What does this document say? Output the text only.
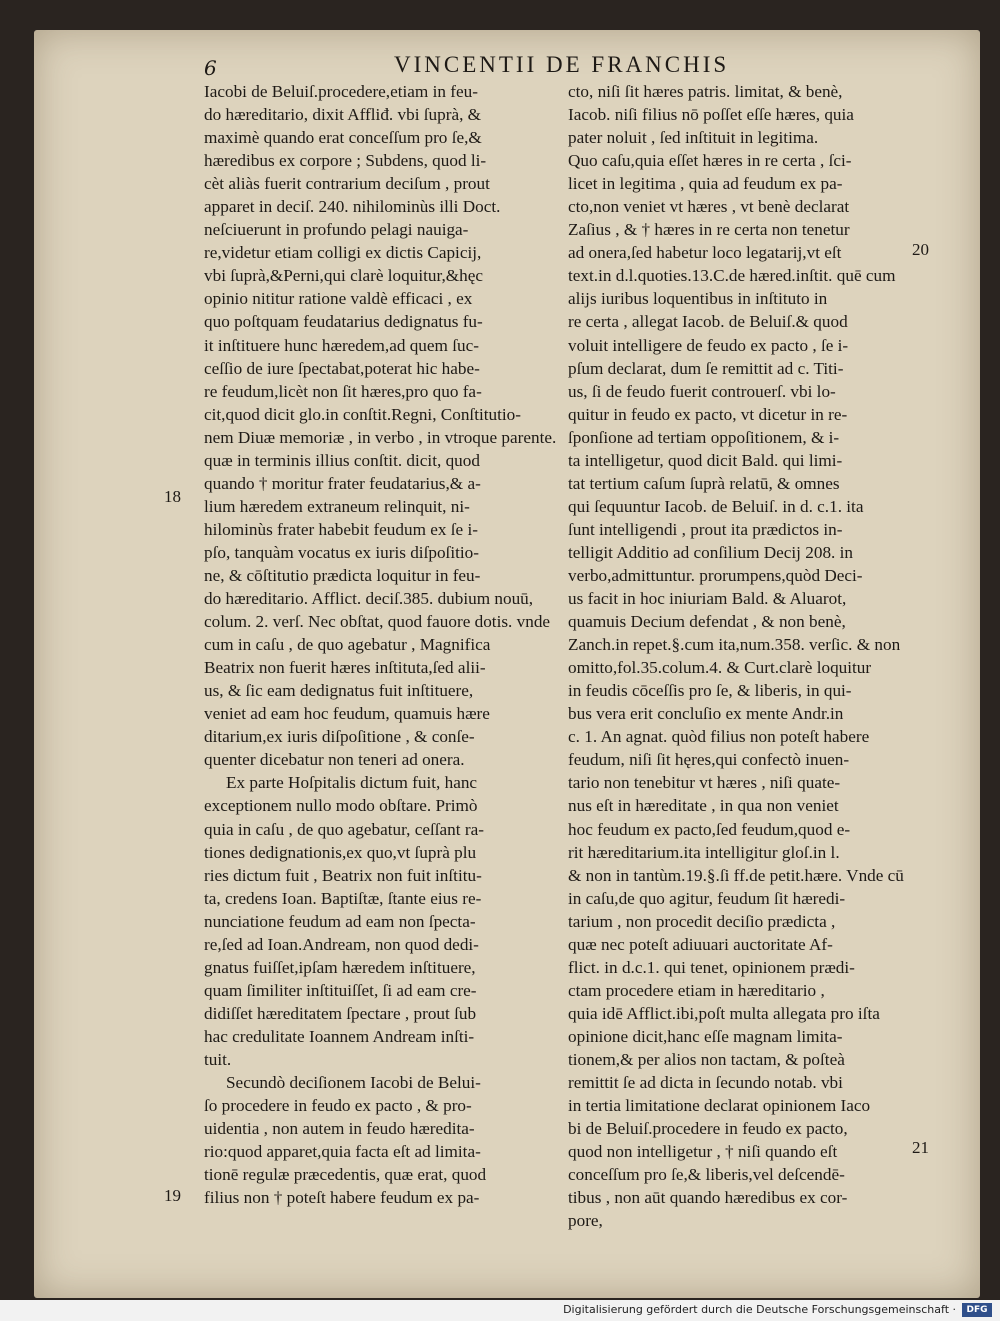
6	VINCENTII DE FRANCHIS
Iacobi de Beluiſ.procedere,etiam in feu-
do hæreditario, dixit Affliđ. vbi ſuprà, &
maximè quando erat conceſſum pro ſe,&
hæredibus ex corpore ; Subdens, quod li-
cèt aliàs fuerit contrarium deciſum , prout
apparet in deciſ. 240. nihilominùs illi Doct.
neſciuerunt in profundo pelagi nauiga-
re,videtur etiam colligi ex dictis Capicij,
vbi ſuprà,&Perni,qui clarè loquitur,&hęc
opinio nititur ratione valdè efficaci , ex
quo poſtquam feudatarius dedignatus fu-
it inſtituere hunc hæredem,ad quem ſuc-
ceſſio de iure ſpectabat,poterat hic habe-
re feudum,licèt non ſit hæres,pro quo fa-
cit,quod dicit glo.in conſtit.Regni, Conſtitutio-
nem Diuæ memoriæ , in verbo , in vtroque parente.
quæ in terminis illius conſtit. dicit, quod
quando † moritur frater feudatarius,& a-
lium hæredem extraneum relinquit, ni-
hilominùs frater habebit feudum ex ſe i-
pſo, tanquàm vocatus ex iuris diſpoſitio-
ne, & cōſtitutio prædicta loquitur in feu-
do hæreditario. Afflict. deciſ.385. dubium nouū,
colum. 2. verſ. Nec obſtat, quod fauore dotis. vnde
cum in caſu , de quo agebatur , Magnifica
Beatrix non fuerit hæres inſtituta,ſed alii-
us, & ſic eam dedignatus fuit inſtituere,
veniet ad eam hoc feudum, quamuis hære
ditarium,ex iuris diſpoſitione , & conſe-
quenter dicebatur non teneri ad onera.
Ex parte Hoſpitalis dictum fuit, hanc
exceptionem nullo modo obſtare. Primò
quia in caſu , de quo agebatur, ceſſant ra-
tiones dedignationis,ex quo,vt ſuprà plu
ries dictum fuit , Beatrix non fuit inſtitu-
ta, credens Ioan. Baptiſtæ, ſtante eius re-
nunciatione feudum ad eam non ſpecta-
re,ſed ad Ioan.Andream, non quod dedi-
gnatus fuiſſet,ipſam hæredem inſtituere,
quam ſimiliter inſtituiſſet, ſi ad eam cre-
didiſſet hæreditatem ſpectare , prout ſub
hac credulitate Ioannem Andream inſti-
tuit.
Secundò deciſionem Iacobi de Belui-
ſo procedere in feudo ex pacto , & pro-
uidentia , non autem in feudo hæredita-
rio:quod apparet,quia facta eſt ad limita-
tionē regulæ præcedentis, quæ erat, quod
filius non † poteſt habere feudum ex pa-
cto, niſi ſit hæres patris. limitat, & benè,
Iacob. niſi filius nō poſſet eſſe hæres, quia
pater noluit , ſed inſtituit in legitima.
Quo caſu,quia eſſet hæres in re certa , ſci-
licet in legitima , quia ad feudum ex pa-
cto,non veniet vt hæres , vt benè declarat
Zaſius , & † hæres in re certa non tenetur
ad onera,ſed habetur loco legatarij,vt eſt
text.in d.l.quoties.13.C.de hæred.inſtit. quē cum
alijs iuribus loquentibus in inſtituto in
re certa , allegat Iacob. de Beluiſ.& quod
voluit intelligere de feudo ex pacto , ſe i-
pſum declarat, dum ſe remittit ad c. Titi-
us, ſi de feudo fuerit controuerſ. vbi lo-
quitur in feudo ex pacto, vt dicetur in re-
ſponſione ad tertiam oppoſitionem, & i-
ta intelligetur, quod dicit Bald. qui limi-
tat tertium caſum ſuprà relatū, & omnes
qui ſequuntur Iacob. de Beluiſ. in d. c.1. ita
ſunt intelligendi , prout ita prædictos in-
telligit Additio ad conſilium Decij 208. in
verbo,admittuntur. prorumpens,quòd Deci-
us facit in hoc iniuriam Bald. & Aluarot,
quamuis Decium defendat , & non benè,
Zanch.in repet.§.cum ita,num.358. verſic. & non
omitto,fol.35.colum.4. & Curt.clarè loquitur
in feudis cōceſſis pro ſe, & liberis, in qui-
bus vera erit concluſio ex mente Andr.in
c. 1. An agnat. quòd filius non poteſt habere
feudum, niſi ſit hęres,qui confectò inuen-
tario non tenebitur vt hæres , niſi quate-
nus eſt in hæreditate , in qua non veniet
hoc feudum ex pacto,ſed feudum,quod e-
rit hæreditarium.ita intelligitur gloſ.in l.
& non in tantùm.19.§.ſi ff.de petit.hære. Vnde cū
in caſu,de quo agitur, feudum ſit hæredi-
tarium , non procedit deciſio prædicta ,
quæ nec poteſt adiuuari auctoritate Af-
flict. in d.c.1. qui tenet, opinionem prædi-
ctam procedere etiam in hæreditario ,
quia idē Afflict.ibi,poſt multa allegata pro iſta
opinione dicit,hanc eſſe magnam limita-
tionem,& per alios non tactam, & poſteà
remittit ſe ad dicta in ſecundo notab. vbi
in tertia limitatione declarat opinionem Iaco
bi de Beluiſ.procedere in feudo ex pacto,
quod non intelligetur , † niſi quando eſt
conceſſum pro ſe,& liberis,vel deſcendē-
tibus , non aūt quando hæredibus ex cor-
pore,
18
19
20
21
Digitalisierung gefördert durch die Deutsche Forschungsgemeinschaft ·	DFG
